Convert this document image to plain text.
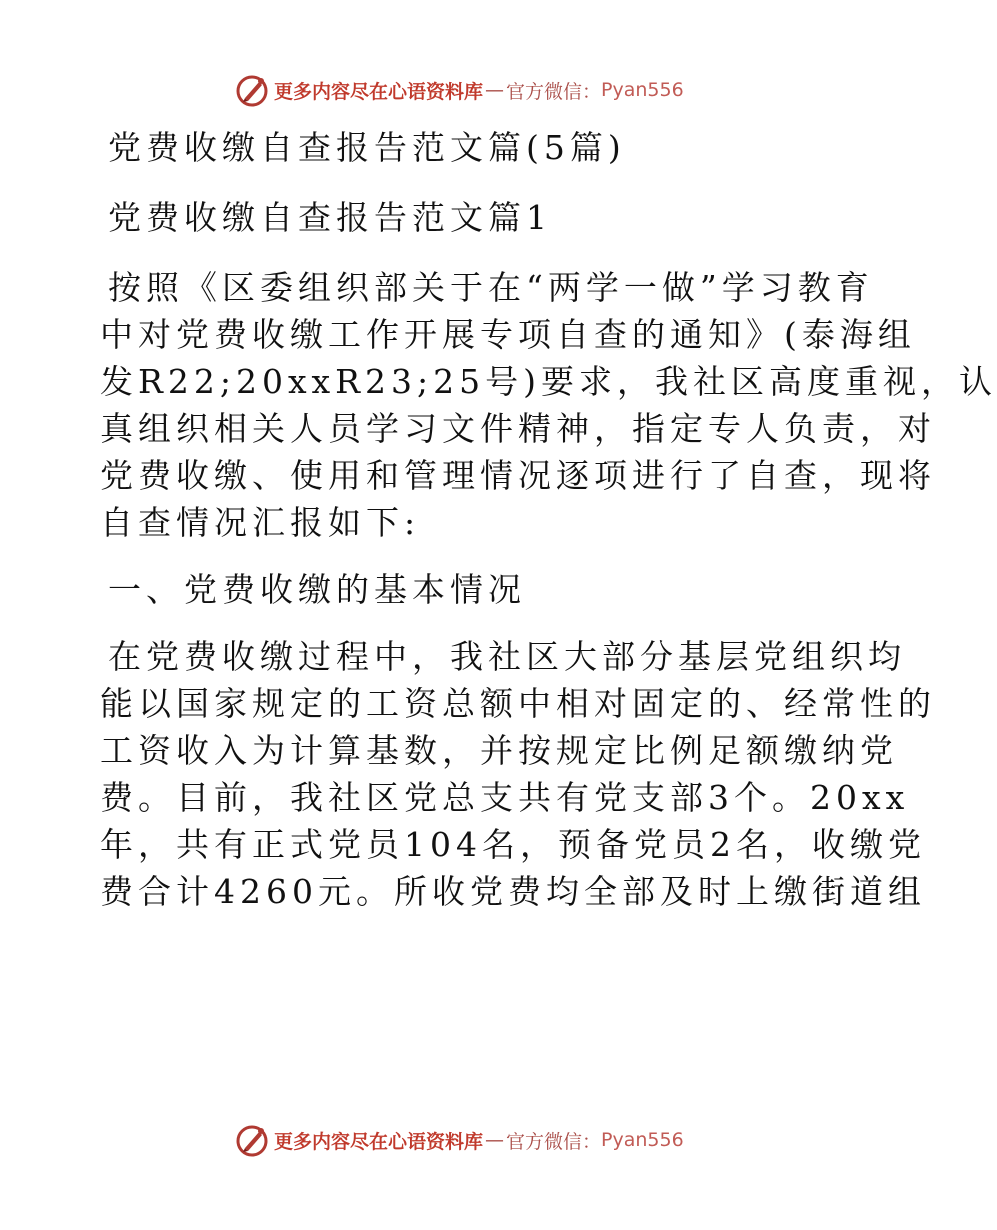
更多内容尽在心语资料库 — 官方微信： Pyan556
党费收缴自查报告范文篇(5篇)
党费收缴自查报告范文篇1
按照《区委组织部关于在“两学一做”学习教育
中对党费收缴工作开展专项自查的通知》(泰海组
发R22;20xxR23;25号)要求，我社区高度重视，认
真组织相关人员学习文件精神，指定专人负责，对
党费收缴、使用和管理情况逐项进行了自查，现将
自查情况汇报如下:
一、党费收缴的基本情况
在党费收缴过程中，我社区大部分基层党组织均
能以国家规定的工资总额中相对固定的、经常性的
工资收入为计算基数，并按规定比例足额缴纳党
费。目前，我社区党总支共有党支部3个。20xx
年，共有正式党员104名，预备党员2名，收缴党
费合计4260元。所收党费均全部及时上缴街道组
更多内容尽在心语资料库 — 官方微信： Pyan556
